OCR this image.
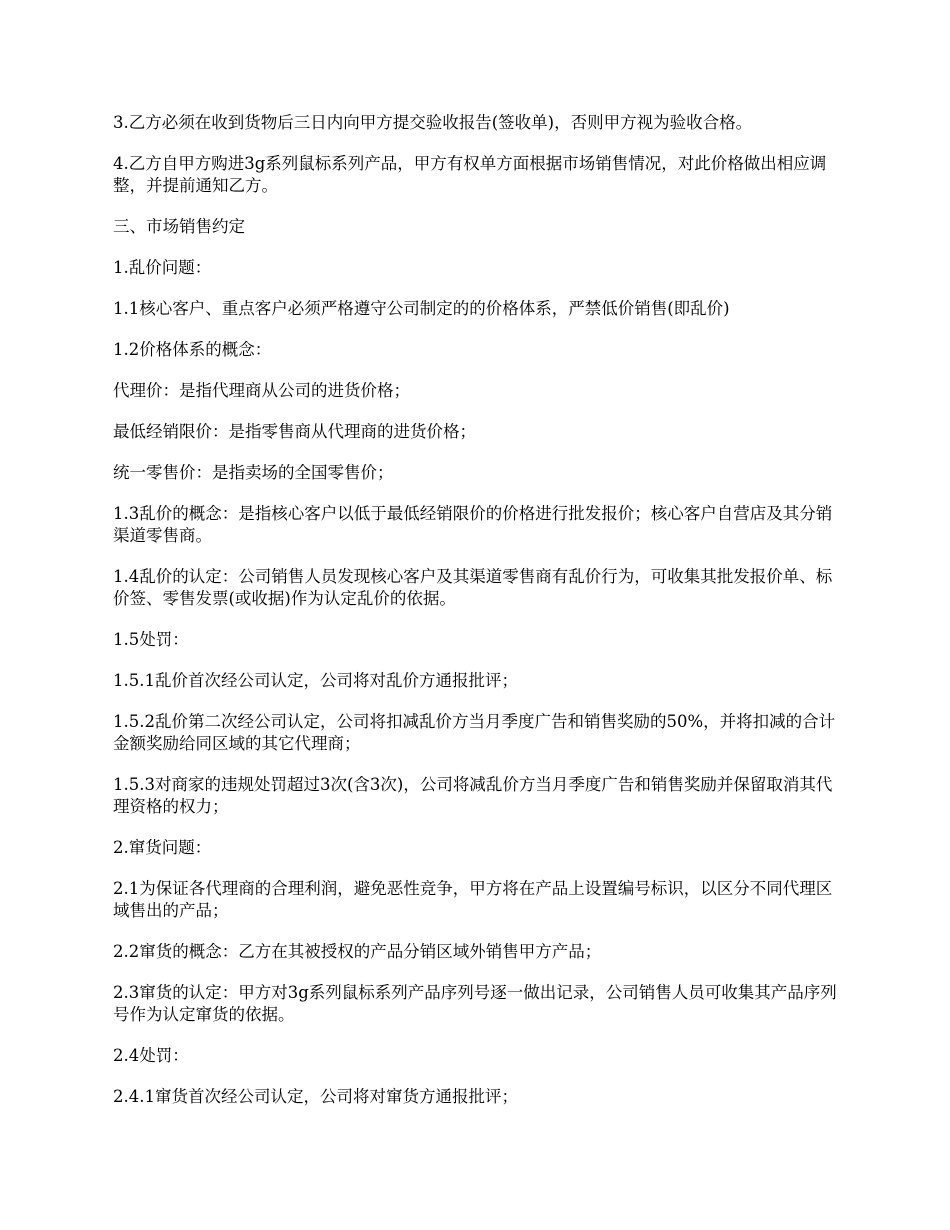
3.乙方必须在收到货物后三日内向甲方提交验收报告(签收单)，否则甲方视为验收合格。

4.乙方自甲方购进3g系列鼠标系列产品，甲方有权单方面根据市场销售情况，对此价格做出相应调整，并提前通知乙方。

三、市场销售约定

1.乱价问题：

1.1核心客户、重点客户必须严格遵守公司制定的的价格体系，严禁低价销售(即乱价)

1.2价格体系的概念：

代理价：是指代理商从公司的进货价格；

最低经销限价：是指零售商从代理商的进货价格；

统一零售价：是指卖场的全国零售价；

1.3乱价的概念：是指核心客户以低于最低经销限价的价格进行批发报价；核心客户自营店及其分销渠道零售商。

1.4乱价的认定：公司销售人员发现核心客户及其渠道零售商有乱价行为，可收集其批发报价单、标价签、零售发票(或收据)作为认定乱价的依据。

1.5处罚：

1.5.1乱价首次经公司认定，公司将对乱价方通报批评；

1.5.2乱价第二次经公司认定，公司将扣减乱价方当月季度广告和销售奖励的50%，并将扣减的合计金额奖励给同区域的其它代理商；

1.5.3对商家的违规处罚超过3次(含3次)，公司将减乱价方当月季度广告和销售奖励并保留取消其代理资格的权力；

2.窜货问题：

2.1为保证各代理商的合理利润，避免恶性竞争，甲方将在产品上设置编号标识，以区分不同代理区域售出的产品；

2.2窜货的概念：乙方在其被授权的产品分销区域外销售甲方产品；

2.3窜货的认定：甲方对3g系列鼠标系列产品序列号逐一做出记录，公司销售人员可收集其产品序列号作为认定窜货的依据。

2.4处罚：

2.4.1窜货首次经公司认定，公司将对窜货方通报批评；
